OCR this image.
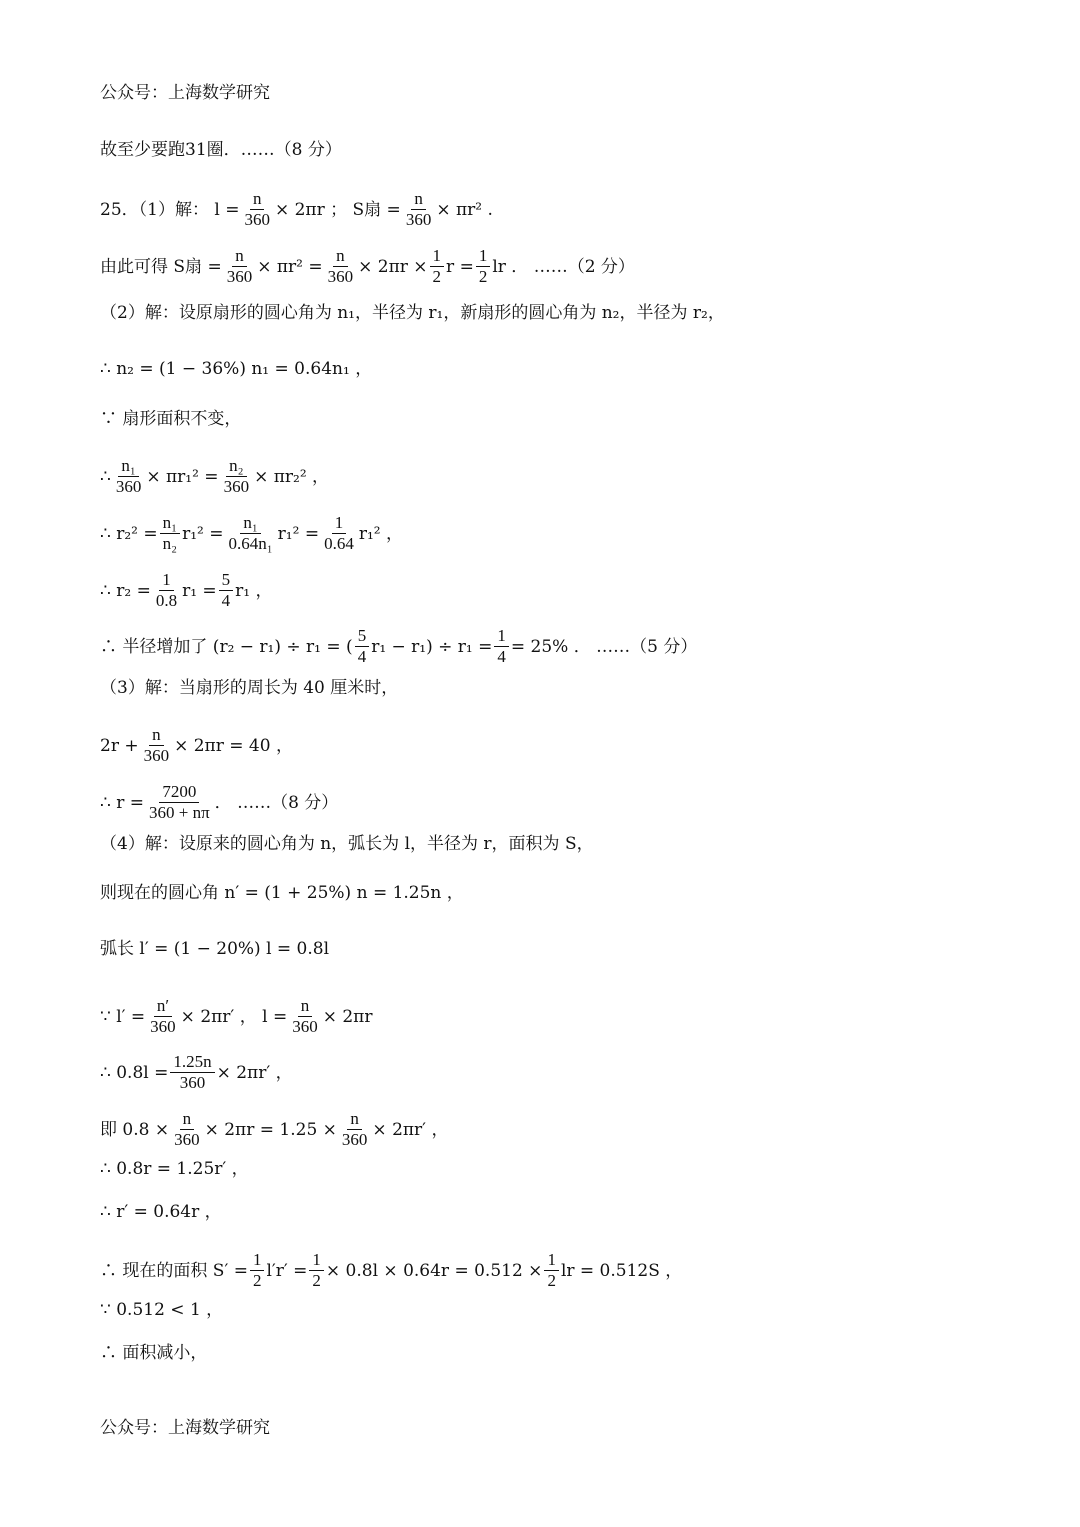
公众号：上海数学研究
故至少要跑31圈．……（8 分）
25．（1）解： $l = \frac{n}{360} \times 2\pi r$ ； S扇 = $\frac{n}{360} \times \pi r^2$ .
由此可得 S扇 = $\frac{n}{360} \times \pi r^2 = \frac{n}{360} \times 2\pi r \times \frac{1}{2}$ $r = \frac{1}{2}$ lr ． ……（2 分）
（2）解：设原扇形的圆心角为 n₁，半径为 r₁，新扇形的圆心角为 n₂，半径为 r₂，
∴ n₂ = (1 − 36%) n₁ = 0.64n₁ ，
∵ 扇形面积不变，
∴ $\frac{\text{n₁}}{360} \times \pi r_1^2 = \frac{\text{n₂}}{360} \times \pi r_2^2$ ，
∴ $r_2^2 = \frac{\text{n₁}}{\text{n₂}} r_1^2 = \frac{\text{n₁}}{\text{0.64n₁}} r_1^2 = \frac{1}{0.64} r_1^2$ ，
∴ $r_2 = \frac{1}{0.8} r_1 = \frac{5}{4} r_1$ ，
∴ 半径增加了 (r₂ − r₁) ÷ r₁ = ( $\frac{5}{4} r_1 - r_1) \div r_1 = \frac{1}{4} = 25\%$ ． ……（5 分）
（3）解：当扇形的周长为 40 厘米时，
$2r + \frac{n}{360} \times 2\pi r = 40$ ，
∴ $r = \frac{7200}{360 + n\pi}$ ． ……（8 分）
（4）解：设原来的圆心角为 n，弧长为 l，半径为 r，面积为 S，
则现在的圆心角 n′ = (1 + 25%) n = 1.25n ，
弧长 l′ = (1 − 20%) l = 0.8l
∵ $l' = \frac{n'}{360} \times 2\pi r'$ ， $l = \frac{n}{360} \times 2\pi r$
∴ $0.8l = \frac{1.25n}{360} \times 2\pi r'$ ，
即 $0.8 \times \frac{n}{360} \times 2\pi r = 1.25 \times \frac{n}{360} \times 2\pi r'$ ，
∴ 0.8r = 1.25r′ ，
∴ r′ = 0.64r ，
∴ 现在的面积 $S' = \frac{1}{2} l'r' = \frac{1}{2} \times 0.8l \times 0.64r = 0.512 \times \frac{1}{2}$ lr = 0.512S ，
∵ 0.512 < 1 ，
∴ 面积减小，
公众号：上海数学研究
